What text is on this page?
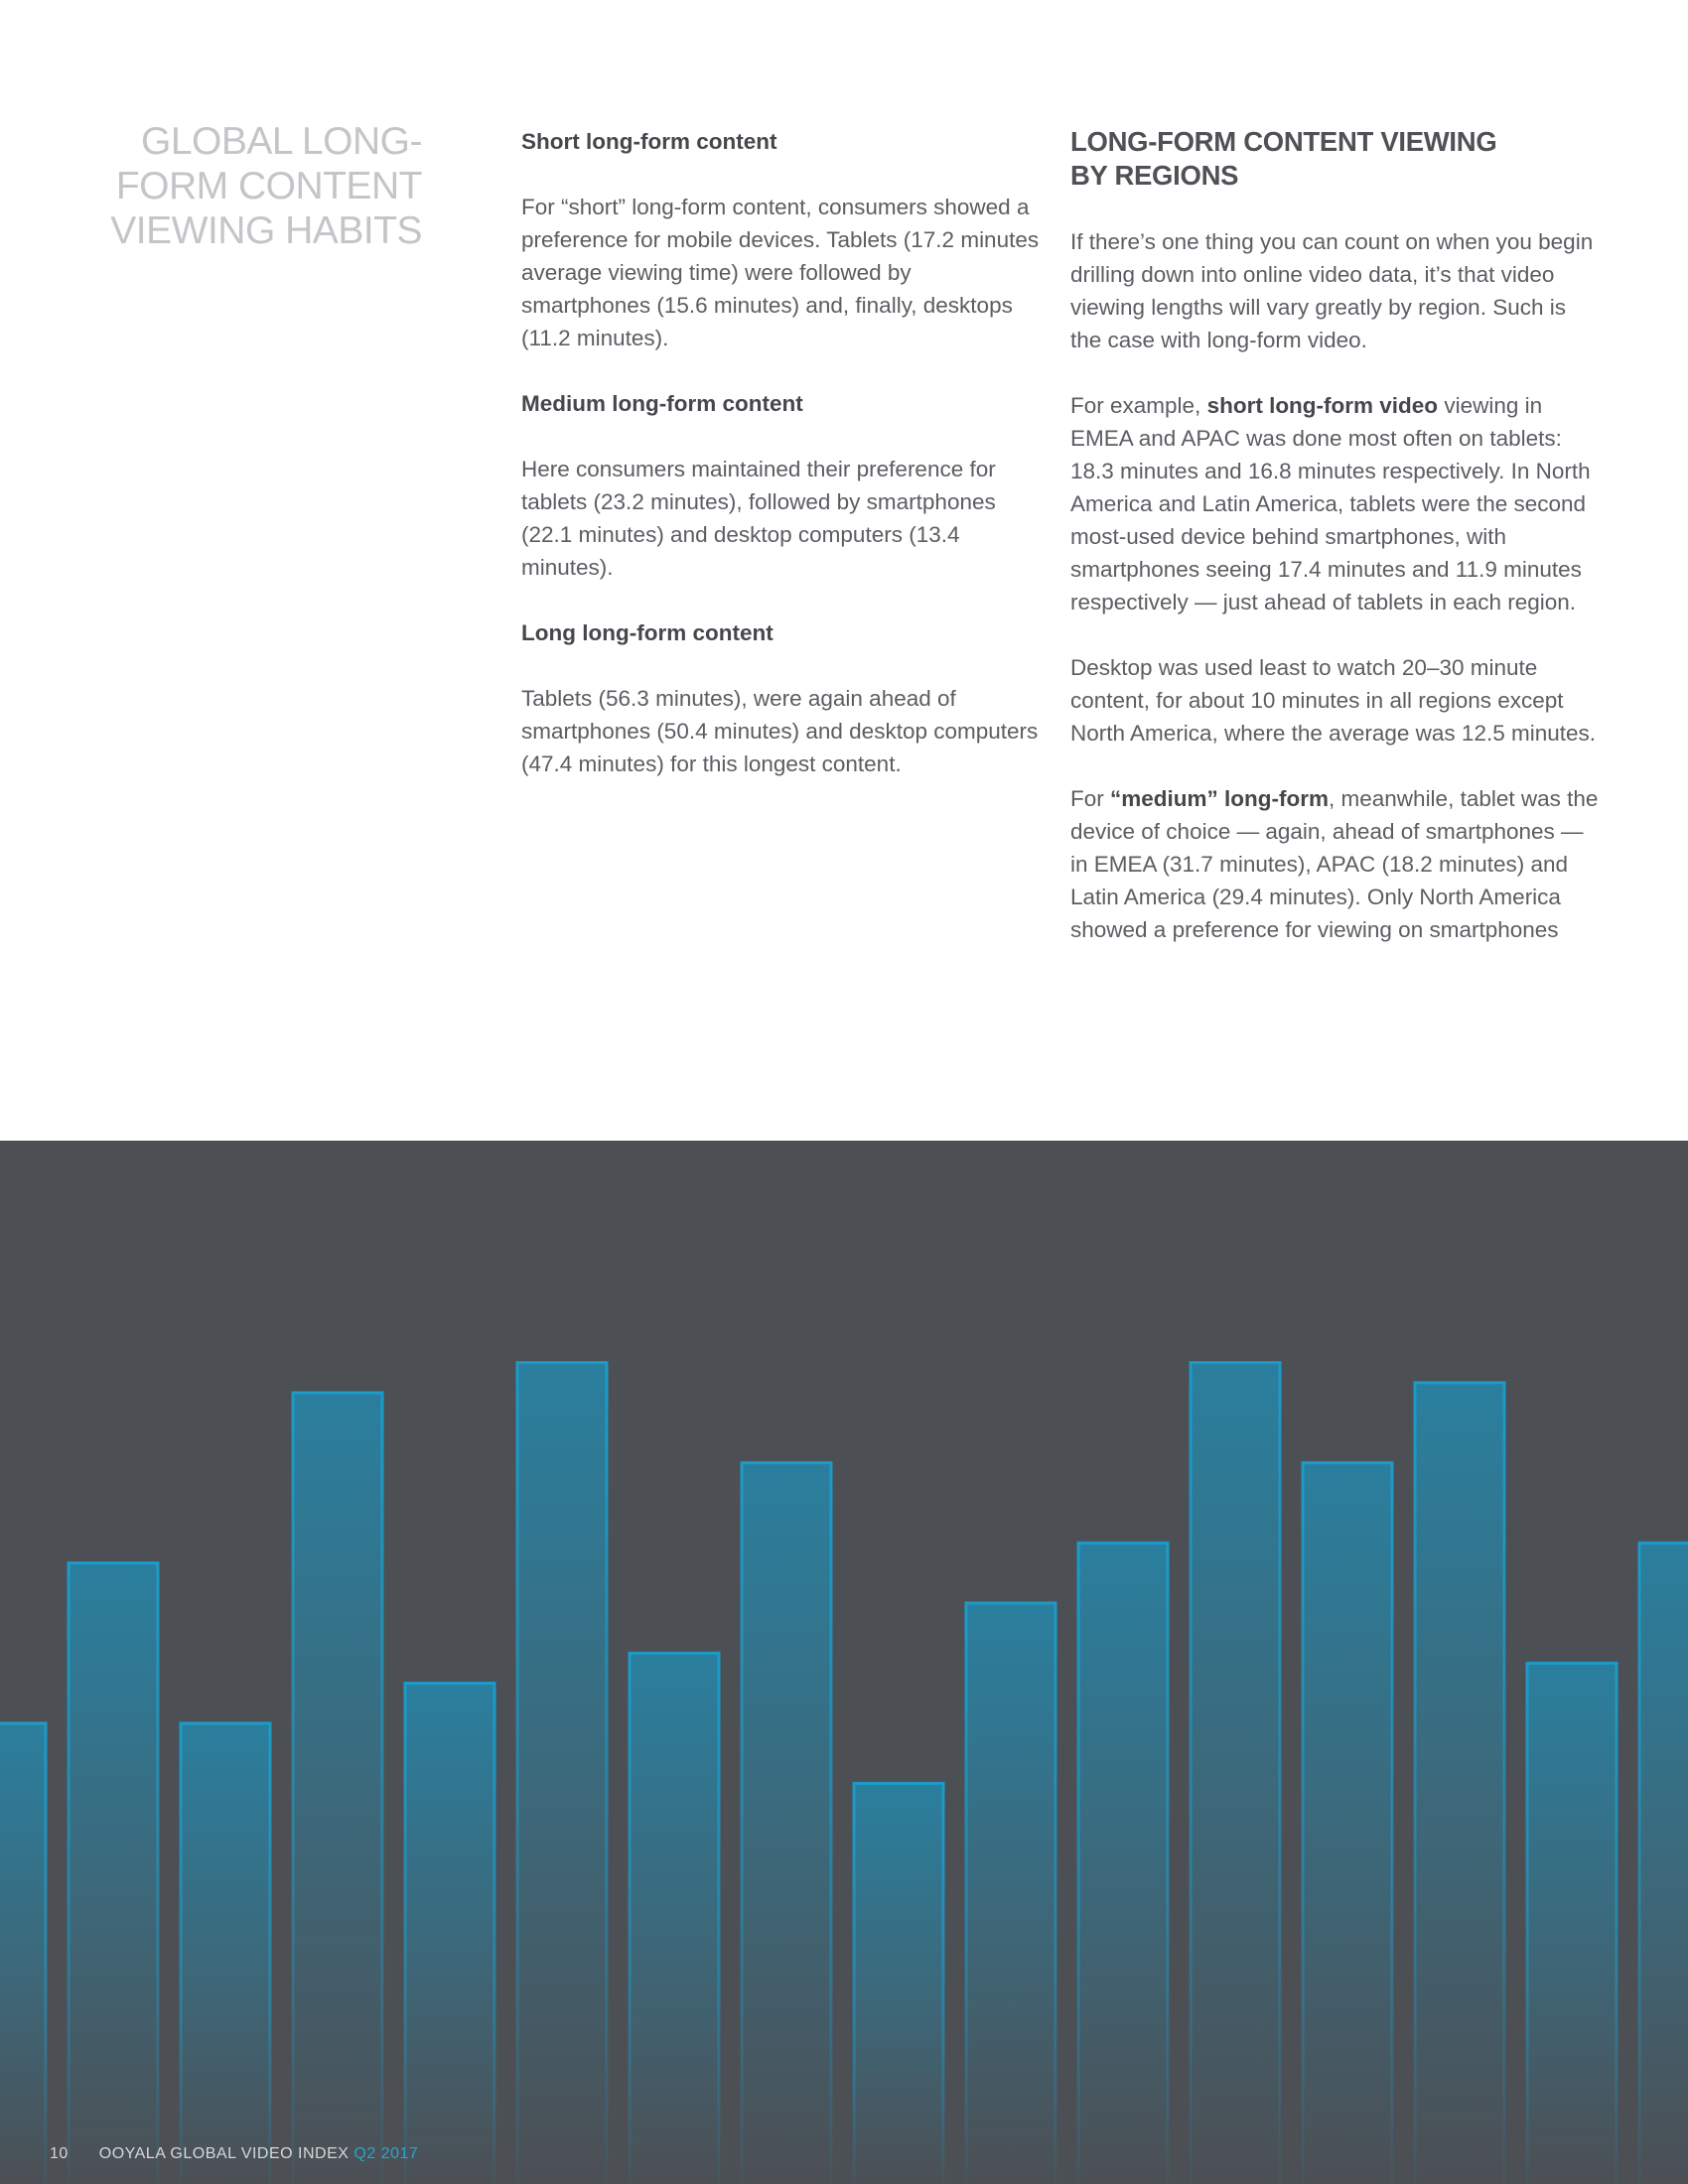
GLOBAL LONG-
FORM CONTENT
VIEWING HABITS
Short long-form content

For “short” long-form content, consumers showed a preference for mobile devices. Tablets (17.2 minutes average viewing time) were followed by smartphones (15.6 minutes) and, finally, desktops (11.2 minutes).

Medium long-form content

Here consumers maintained their preference for tablets (23.2 minutes), followed by smartphones (22.1 minutes) and desktop computers (13.4 minutes).

Long long-form content

Tablets (56.3 minutes), were again ahead of smartphones (50.4 minutes) and desktop computers (47.4 minutes) for this longest content.

LONG-FORM CONTENT VIEWING
BY REGIONS

If there’s one thing you can count on when you begin drilling down into online video data, it’s that video viewing lengths will vary greatly by region. Such is the case with long-form video.

For example, short long-form video viewing in EMEA and APAC was done most often on tablets: 18.3 minutes and 16.8 minutes respectively. In North America and Latin America, tablets were the second most-used device behind smartphones, with smartphones seeing 17.4 minutes and 11.9 minutes respectively — just ahead of tablets in each region.

Desktop was used least to watch 20–30 minute content, for about 10 minutes in all regions except North America, where the average was 12.5 minutes.

For “medium” long-form, meanwhile, tablet was the device of choice — again, ahead of smartphones — in EMEA (31.7 minutes), APAC (18.2 minutes) and Latin America (29.4 minutes). Only North America showed a preference for viewing on smartphones

10 OOYALA GLOBAL VIDEO INDEX Q2 2017
